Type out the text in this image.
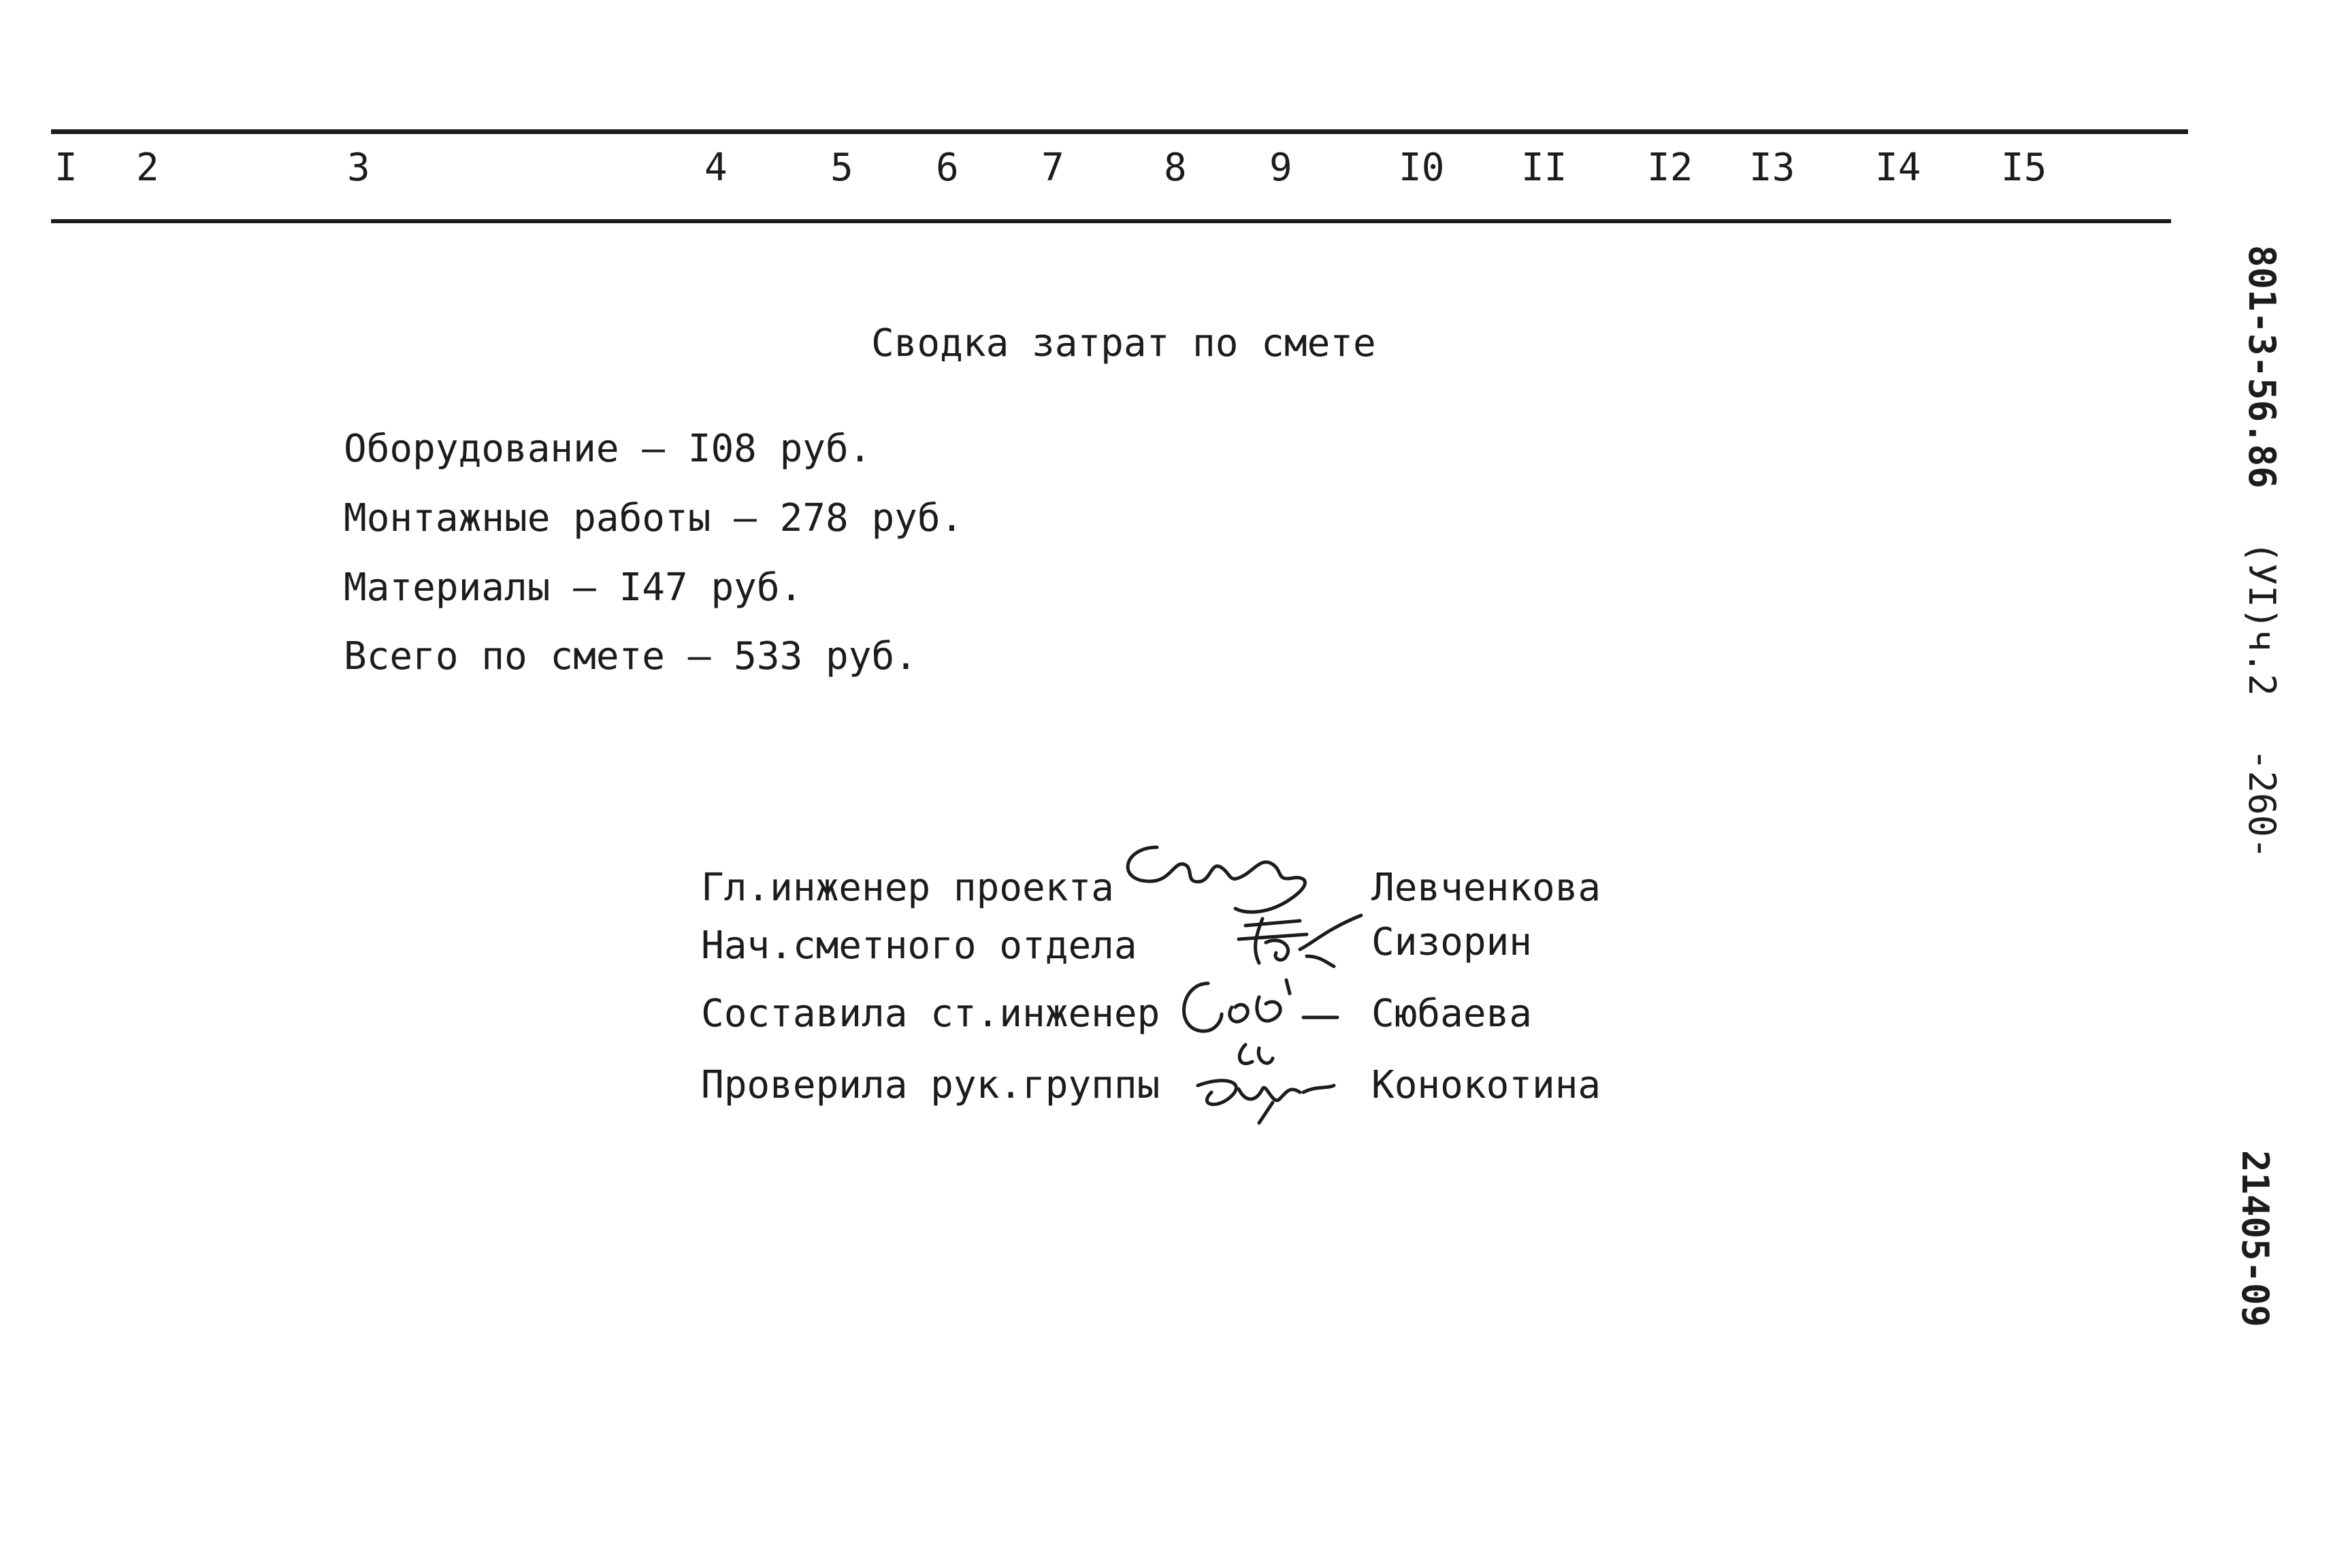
I 2	3	4	5 6 7	8 9	I0 II I2 I3 I4 I5
Сводка затрат по смете
Оборудование – I08 руб.
Монтажные работы – 278 руб.
Материалы – I47 руб.
Всего по смете – 533 руб.
Гл.инженер проекта	Левченкова
Нач.сметного отдела	Сизорин
Составила ст.инженер	Сюбаева
Проверила рук.группы	Конокотина
801-3-56.86
(УI)ч.2
-260-
21405-09
